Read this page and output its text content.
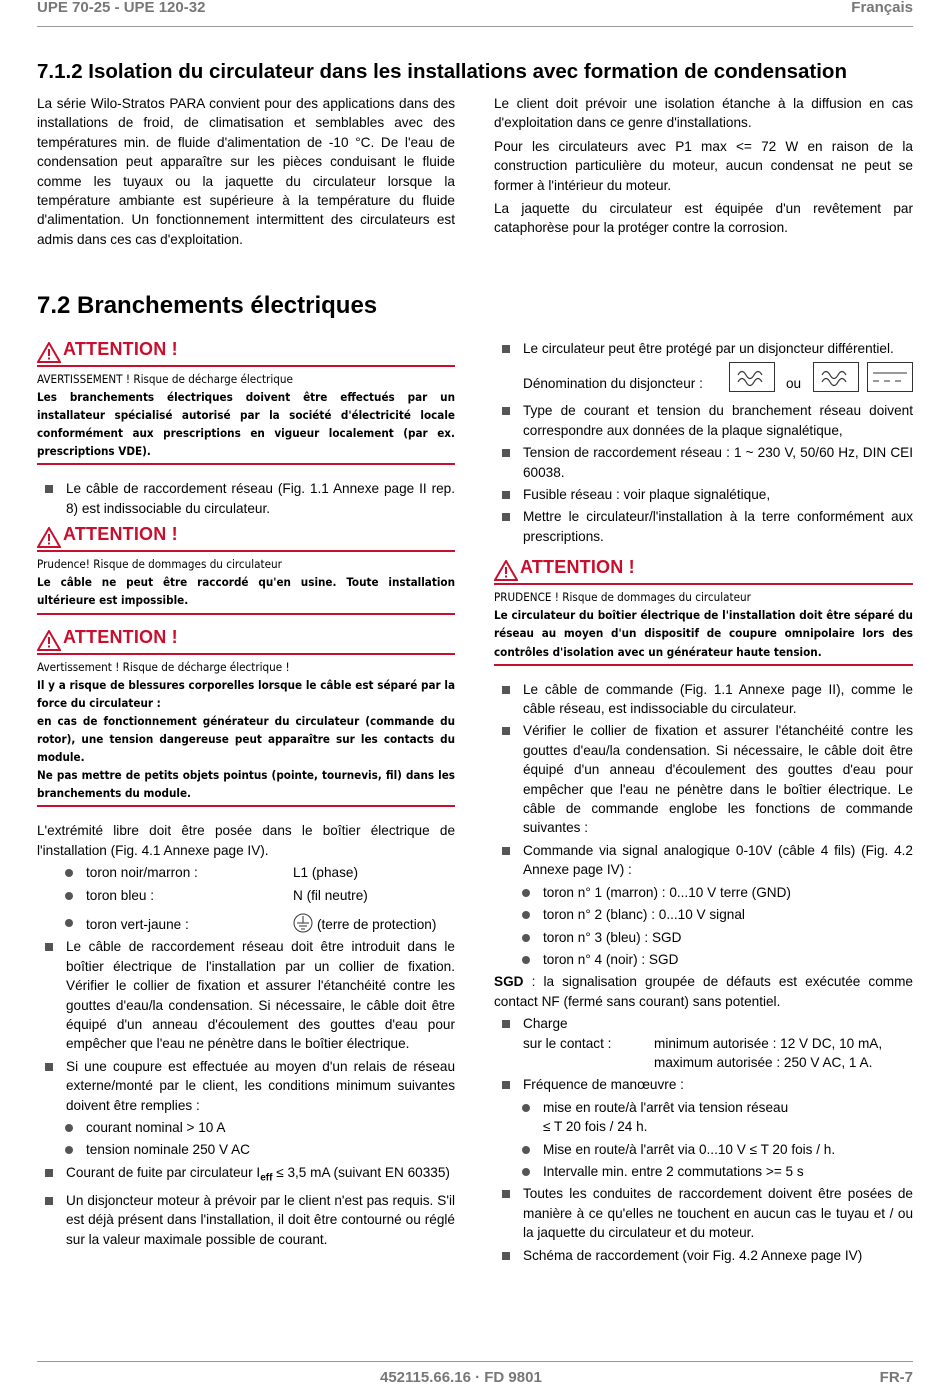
UPE 70-25 - UPE 120-32	Français
7.1.2 Isolation du circulateur dans les installations avec formation de condensation

La série Wilo-Stratos PARA convient pour des applications dans des installations de froid, de climatisation et semblables avec des températures min. de fluide d'alimentation de -10 °C. De l'eau de condensation peut apparaître sur les pièces conduisant le fluide comme les tuyaux ou la jaquette du circulateur lorsque la température ambiante est supérieure à la température du fluide d'alimentation. Un fonctionnement intermittent des circulateurs est admis dans ces cas d'exploitation.

Le client doit prévoir une isolation étanche à la diffusion en cas d'exploitation dans ce genre d'installations.

Pour les circulateurs avec P1 max <= 72 W en raison de la construction particulière du moteur, aucun condensat ne peut se former à l'intérieur du moteur.

La jaquette du circulateur est équipée d'un revêtement par cataphorèse pour la protéger contre la corrosion.

7.2 Branchements électriques
ATTENTION !
AVERTISSEMENT ! Risque de décharge électrique
Les branchements électriques doivent être effectués par un installateur spécialisé autorisé par la société d'électricité locale conformément aux prescriptions en vigueur localement (par ex. prescriptions VDE).
Le câble de raccordement réseau (Fig. 1.1 Annexe page II rep. 8) est indissociable du circulateur.
ATTENTION !
Prudence! Risque de dommages du circulateur
Le câble ne peut être raccordé qu'en usine. Toute installation ultérieure est impossible.
ATTENTION !
Avertissement ! Risque de décharge électrique !
Il y a risque de blessures corporelles lorsque le câble est séparé par la force du circulateur :
en cas de fonctionnement générateur du circulateur (commande du rotor), une tension dangereuse peut apparaître sur les contacts du module.
Ne pas mettre de petits objets pointus (pointe, tournevis, fil) dans les branchements du module.

L'extrémité libre doit être posée dans le boîtier électrique de l'installation (Fig. 4.1 Annexe page IV).

toron noir/marron :	L1 (phase)
toron bleu :	N (fil neutre)
toron vert-jaune :	(terre de protection)
Le câble de raccordement réseau doit être introduit dans le boîtier électrique de l'installation par un collier de fixation. Vérifier le collier de fixation et assurer l'étanchéité contre les gouttes d'eau/la condensation. Si nécessaire, le câble doit être équipé d'un anneau d'écoulement des gouttes d'eau pour empêcher que l'eau ne pénètre dans le boîtier électrique.
Si une coupure est effectuée au moyen d'un relais de réseau externe/monté par le client, les conditions minimum suivantes doivent être remplies :
courant nominal > 10 A
tension nominale 250 V AC
Courant de fuite par circulateur $I_{eff} \le 3,5$ mA (suivant EN 60335)
Un disjoncteur moteur à prévoir par le client n'est pas requis. S'il est déjà présent dans l'installation, il doit être contourné ou réglé sur la valeur maximale possible de courant.
Le circulateur peut être protégé par un disjoncteur différentiel.
Dénomination du disjoncteur :	ou
Type de courant et tension du branchement réseau doivent correspondre aux données de la plaque signalétique,
Tension de raccordement réseau : 1 ~ 230 V, 50/60 Hz, DIN CEI 60038.
Fusible réseau : voir plaque signalétique,
Mettre le circulateur/l'installation à la terre conformément aux prescriptions.
ATTENTION !
PRUDENCE ! Risque de dommages du circulateur
Le circulateur du boîtier électrique de l'installation doit être séparé du réseau au moyen d'un dispositif de coupure omnipolaire lors des contrôles d'isolation avec un générateur haute tension.
Le câble de commande (Fig. 1.1 Annexe page II), comme le câble réseau, est indissociable du circulateur.
Vérifier le collier de fixation et assurer l'étanchéité contre les gouttes d'eau/la condensation. Si nécessaire, le câble doit être équipé d'un anneau d'écoulement des gouttes d'eau pour empêcher que l'eau ne pénètre dans le boîtier électrique. Le câble de commande englobe les fonctions de commande suivantes :
Commande via signal analogique 0-10V (câble 4 fils) (Fig. 4.2 Annexe page IV) :
toron n° 1 (marron) : 0...10 V terre (GND)
toron n° 2 (blanc) : 0...10 V signal
toron n° 3 (bleu) : SGD
toron n° 4 (noir) : SGD

SGD : la signalisation groupée de défauts est exécutée comme contact NF (fermé sans courant) sans potentiel.

Charge
sur le contact :	minimum autorisée : 12 V DC, 10 mA,
maximum autorisée : 250 V AC, 1 A.
Fréquence de manœuvre :
mise en route/à l'arrêt via tension réseau
≤ T 20 fois / 24 h.
Mise en route/à l'arrêt via 0...10 V ≤ T 20 fois / h.
Intervalle min. entre 2 commutations >= 5 s
Toutes les conduites de raccordement doivent être posées de manière à ce qu'elles ne touchent en aucun cas le tuyau et / ou la jaquette du circulateur et du moteur.
Schéma de raccordement (voir Fig. 4.2 Annexe page IV)
452115.66.16 · FD 9801	FR-7
